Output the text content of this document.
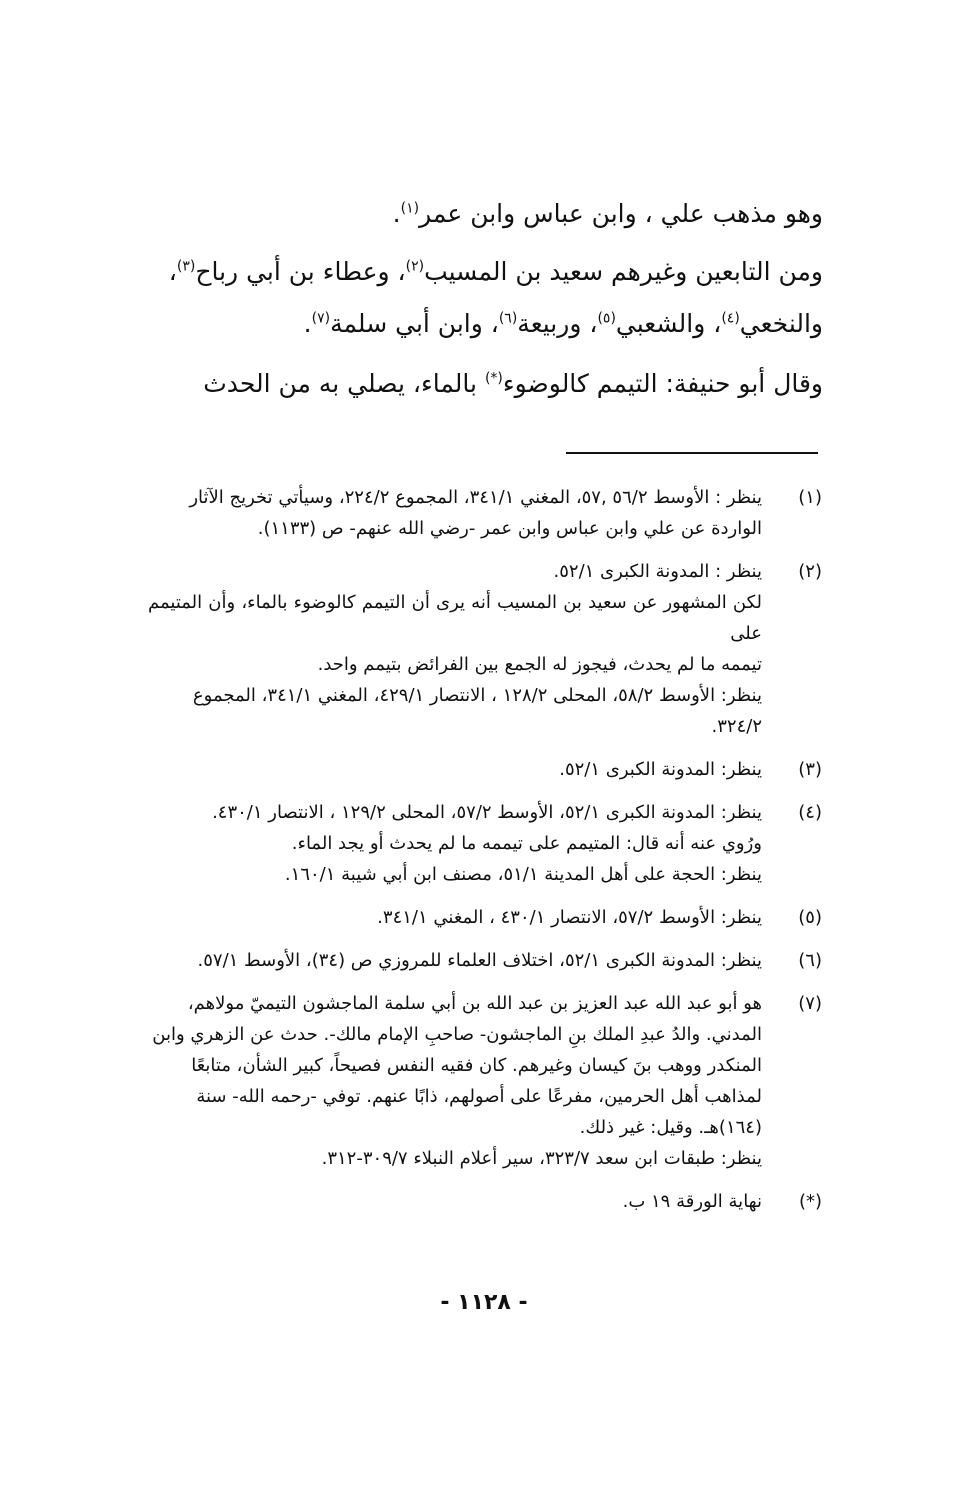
وهو مذهب علي ، وابن عباس وابن عمر$^{(١)}$.

ومن التابعين وغيرهم سعيد بن المسيب$^{(٢)}$، وعطاء بن أبي رباح$^{(٣)}$،
والنخعي$^{(٤)}$، والشعبي$^{(٥)}$، وربيعة$^{(٦)}$، وابن أبي سلمة$^{(٧)}$.

وقال أبو حنيفة: التيمم كالوضوء(*) بالماء، يصلي به من الحدث

(١)
ينظر : الأوسط ٥٦/٢ ,٥٧، المغني ٣٤١/١، المجموع ٢٢٤/٢، وسيأتي تخريج الآثار
الواردة عن علي وابن عباس وابن عمر -رضي الله عنهم- ص (١١٣٣).
(٢)
ينظر : المدونة الكبرى ٥٢/١.
لكن المشهور عن سعيد بن المسيب أنه يرى أن التيمم كالوضوء بالماء، وأن المتيمم على
تيممه ما لم يحدث، فيجوز له الجمع بين الفرائض بتيمم واحد.
ينظر: الأوسط ٥٨/٢، المحلى ١٢٨/٢ ، الانتصار ٤٢٩/١، المغني ٣٤١/١، المجموع
٣٢٤/٢.
(٣)
ينظر: المدونة الكبرى ٥٢/١.
(٤)
ينظر: المدونة الكبرى ٥٢/١، الأوسط ٥٧/٢، المحلى ١٢٩/٢ ، الانتصار ٤٣٠/١.
ورُوي عنه أنه قال: المتيمم على تيممه ما لم يحدث أو يجد الماء.
ينظر: الحجة على أهل المدينة ٥١/١، مصنف ابن أبي شيبة ١٦٠/١.
(٥)
ينظر: الأوسط ٥٧/٢، الانتصار ٤٣٠/١ ، المغني ٣٤١/١.
(٦)
ينظر: المدونة الكبرى ٥٢/١، اختلاف العلماء للمروزي ص (٣٤)، الأوسط ٥٧/١.
(٧)
هو أبو عبد الله عبد العزيز بن عبد الله بن أبي سلمة الماجشون التيميّ مولاهم،
المدني. والدُ عبدِ الملك بنِ الماجشون- صاحبِ الإمام مالك-. حدث عن الزهري وابن
المنكدر ووهب بنَ كيسان وغيرهم. كان فقيه النفس فصيحاً، كبير الشأن، متابعًا
لمذاهب أهل الحرمين، مفرعًا على أصولهم، ذابًا عنهم. توفي -رحمه الله- سنة
(١٦٤)هـ. وقيل: غير ذلك.
ينظر: طبقات ابن سعد ٣٢٣/٧، سير أعلام النبلاء ٣٠٩/٧-٣١٢.
(*)
نهاية الورقة ١٩ ب.
- ١١٢٨ -
